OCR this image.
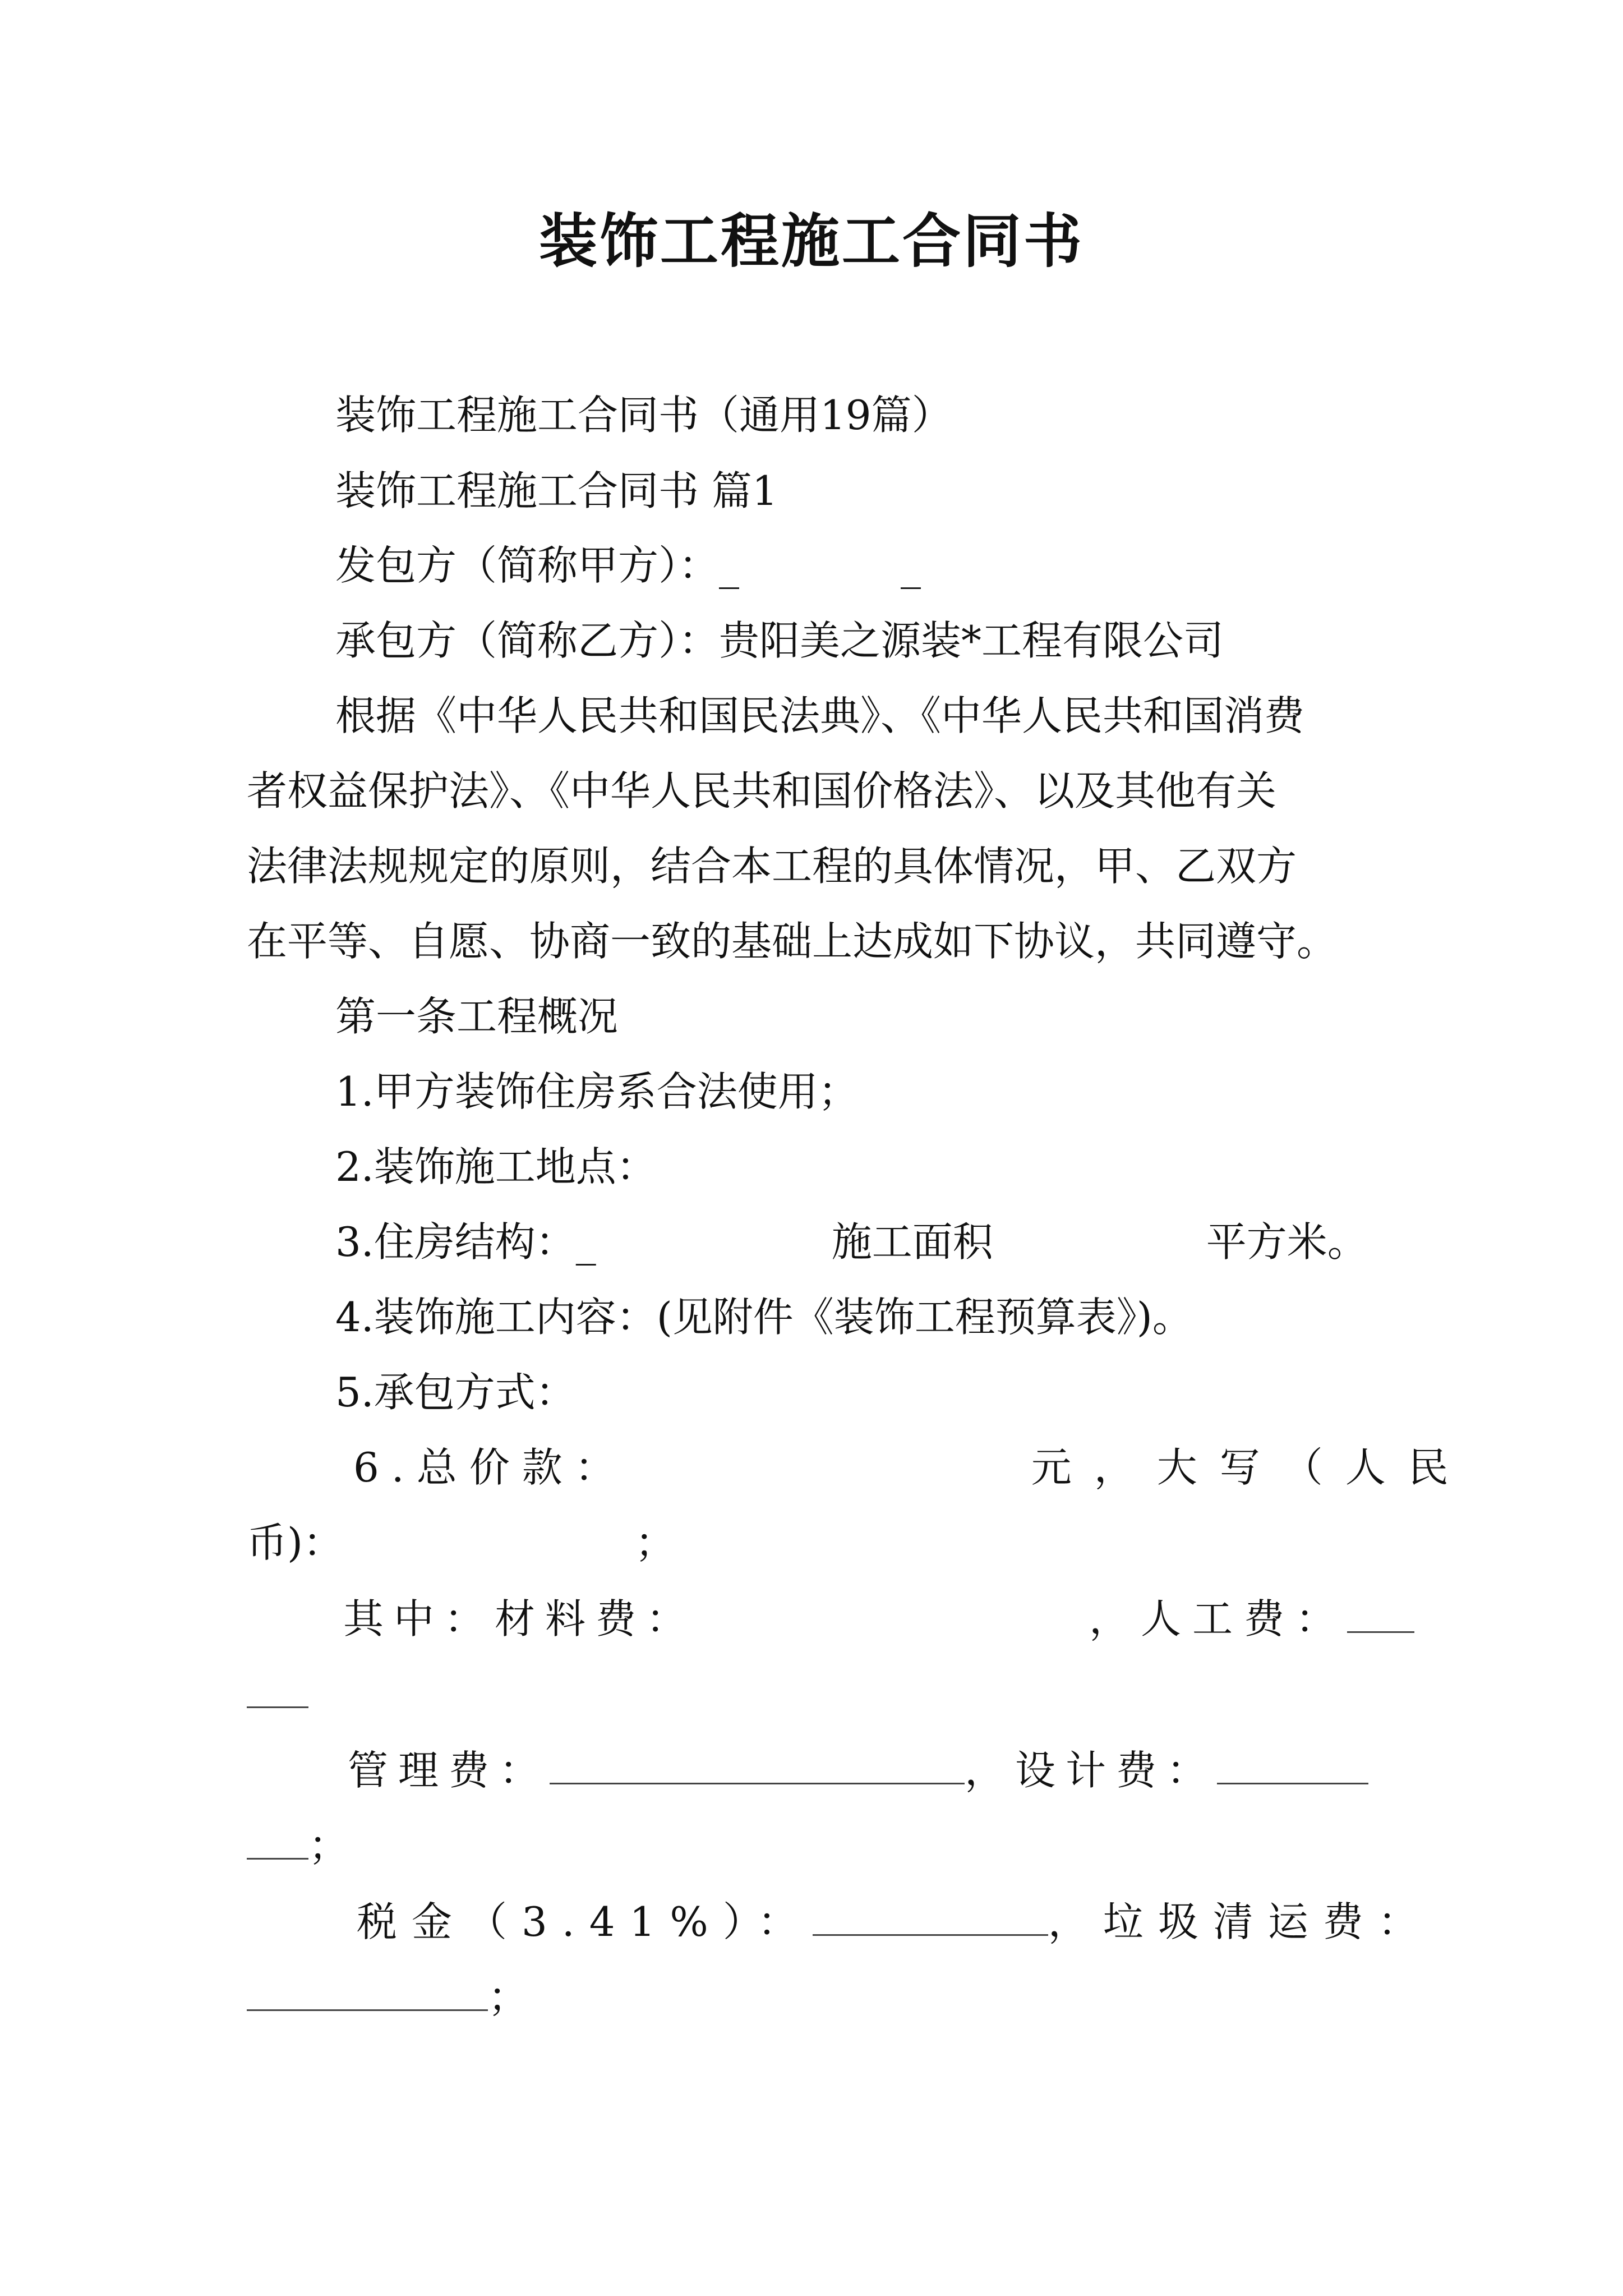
装饰工程施工合同书
装饰工程施工合同书（通用19篇）
装饰工程施工合同书 篇1
发包方（简称甲方）：_　　　　_
承包方（简称乙方）：贵阳美之源装*工程有限公司
根据《中华人民共和国民法典》、《中华人民共和国消费
者权益保护法》、《中华人民共和国价格法》、以及其他有关
法律法规规定的原则，结合本工程的具体情况，甲、乙双方
在平等、自愿、协商一致的基础上达成如下协议，共同遵守。
第一条工程概况
1.甲方装饰住房系合法使用；
2.装饰施工地点：
3.住房结构：_	施工面积	平方米。
4.装饰施工内容：(见附件《装饰工程预算表》)。
5.承包方式：
6.总价款：	元，大写（人民
币)：	；
其中：材料费：	，人工费：
管理费：	，设计费：
；
税金（3.41%）：	，垃圾清运费：
；
